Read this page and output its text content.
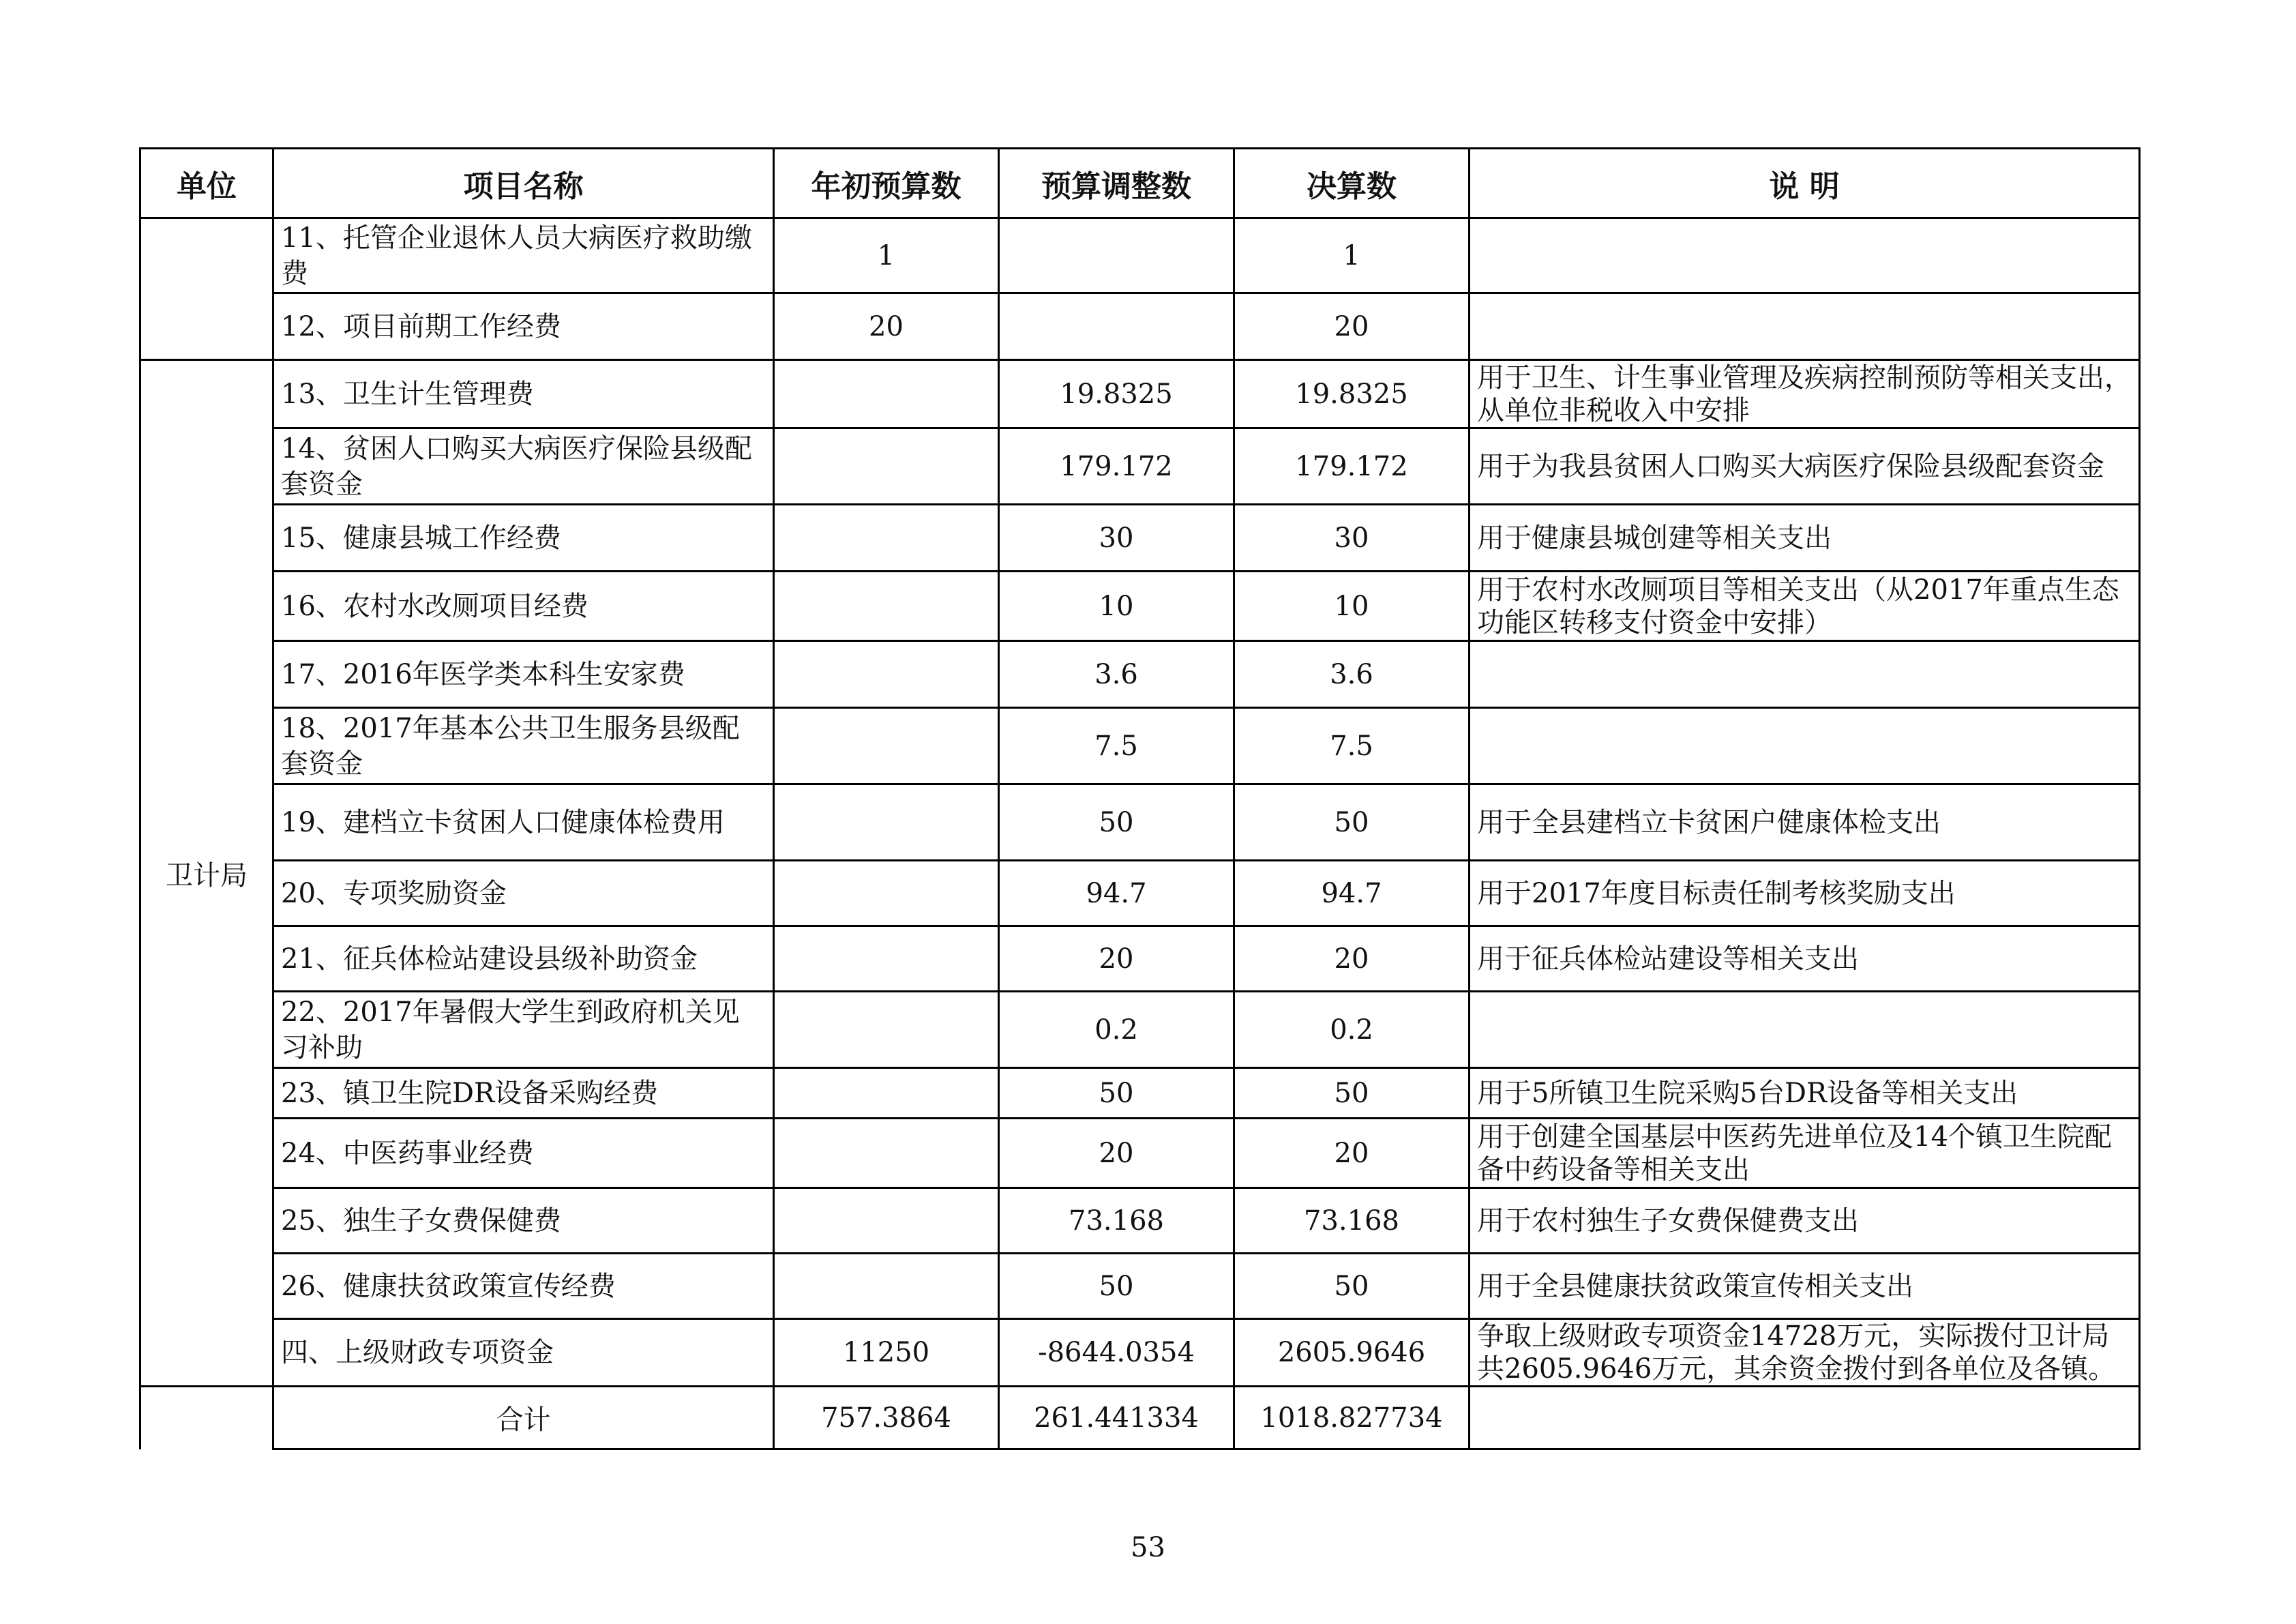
单位	项目名称	年初预算数	预算调整数	决算数	说 明
	11、托管企业退休人员大病医疗救助缴费	1		1	
	12、项目前期工作经费	20		20	
卫计局	13、卫生计生管理费		19.8325	19.8325	用于卫生、计生事业管理及疾病控制预防等相关支出，从单位非税收入中安排
	14、贫困人口购买大病医疗保险县级配套资金		179.172	179.172	用于为我县贫困人口购买大病医疗保险县级配套资金
	15、健康县城工作经费		30	30	用于健康县城创建等相关支出
	16、农村水改厕项目经费		10	10	用于农村水改厕项目等相关支出（从2017年重点生态功能区转移支付资金中安排）
	17、2016年医学类本科生安家费		3.6	3.6	
	18、2017年基本公共卫生服务县级配套资金		7.5	7.5	
	19、建档立卡贫困人口健康体检费用		50	50	用于全县建档立卡贫困户健康体检支出
	20、专项奖励资金		94.7	94.7	用于2017年度目标责任制考核奖励支出
	21、征兵体检站建设县级补助资金		20	20	用于征兵体检站建设等相关支出
	22、2017年暑假大学生到政府机关见习补助		0.2	0.2	
	23、镇卫生院DR设备采购经费		50	50	用于5所镇卫生院采购5台DR设备等相关支出
	24、中医药事业经费		20	20	用于创建全国基层中医药先进单位及14个镇卫生院配备中药设备等相关支出
	25、独生子女费保健费		73.168	73.168	用于农村独生子女费保健费支出
	26、健康扶贫政策宣传经费		50	50	用于全县健康扶贫政策宣传相关支出
	四、上级财政专项资金	11250	-8644.0354	2605.9646	争取上级财政专项资金14728万元，实际拨付卫计局共2605.9646万元，其余资金拨付到各单位及各镇。
	合计	757.3864	261.441334	1018.827734	
53
